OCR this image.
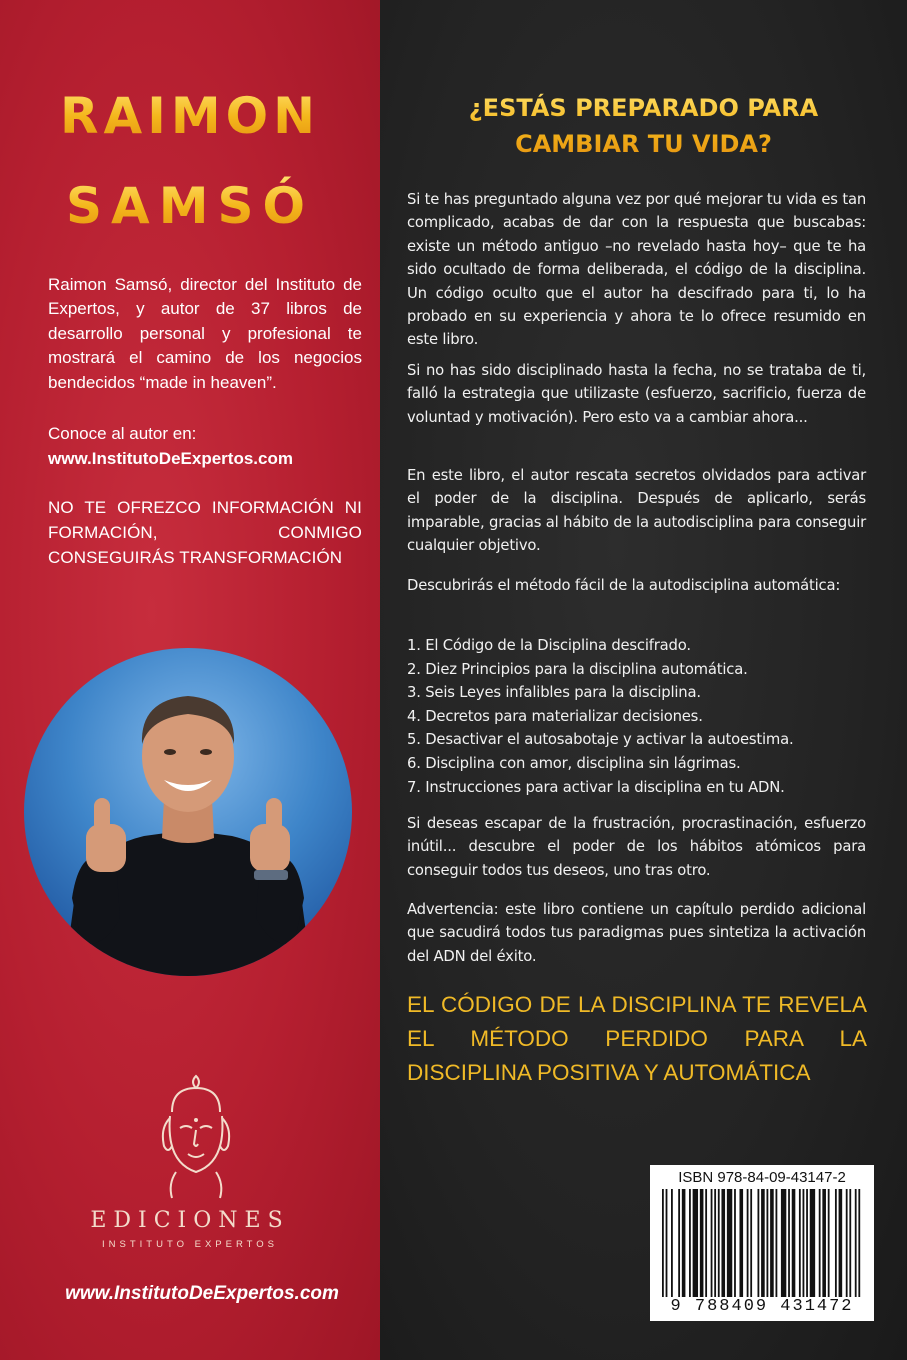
RAIMON
SAMSÓ

Raimon Samsó, director del Instituto de Expertos, y autor de 37 libros de desarrollo personal y profesional te mostrará el camino de los negocios bendecidos “made in heaven”.

Conoce al autor en:

www.InstitutoDeExpertos.com

NO TE OFREZCO INFORMACIÓN NI FORMACIÓN, CONMIGO CONSEGUIRÁS TRANSFORMACIÓN

EDICIONES

INSTITUTO EXPERTOS

www.InstitutoDeExpertos.com

¿ESTÁS PREPARADO PARA
CAMBIAR TU VIDA?

Si te has preguntado alguna vez por qué mejorar tu vida es tan complicado, acabas de dar con la respuesta que buscabas: existe un método antiguo –no revelado hasta hoy– que te ha sido ocultado de forma deliberada, el código de la disciplina. Un código oculto que el autor ha descifrado para ti, lo ha probado en su experiencia y ahora te lo ofrece resumido en este libro.

Si no has sido disciplinado hasta la fecha, no se trataba de ti, falló la estrategia que utilizaste (esfuerzo, sacrificio, fuerza de voluntad y motivación). Pero esto va a cambiar ahora...

En este libro, el autor rescata secretos olvidados para activar el poder de la disciplina. Después de aplicarlo, serás imparable, gracias al hábito de la autodisciplina para conseguir cualquier objetivo.

Descubrirás el método fácil de la autodisciplina automática:

1. El Código de la Disciplina descifrado.
2. Diez Principios para la disciplina automática.
3. Seis Leyes infalibles para la disciplina.
4. Decretos para materializar decisiones.
5. Desactivar el autosabotaje y activar la autoestima.
6. Disciplina con amor, disciplina sin lágrimas.
7. Instrucciones para activar la disciplina en tu ADN.

Si deseas escapar de la frustración, procrastinación, esfuerzo inútil... descubre el poder de los hábitos atómicos para conseguir todos tus deseos, uno tras otro.

Advertencia: este libro contiene un capítulo perdido adicional que sacudirá todos tus paradigmas pues sintetiza la activación del ADN del éxito.

EL CÓDIGO DE LA DISCIPLINA TE REVELA EL MÉTODO PERDIDO PARA LA DISCIPLINA POSITIVA Y AUTOMÁTICA

ISBN 978-84-09-43147-2

9 788409 431472
